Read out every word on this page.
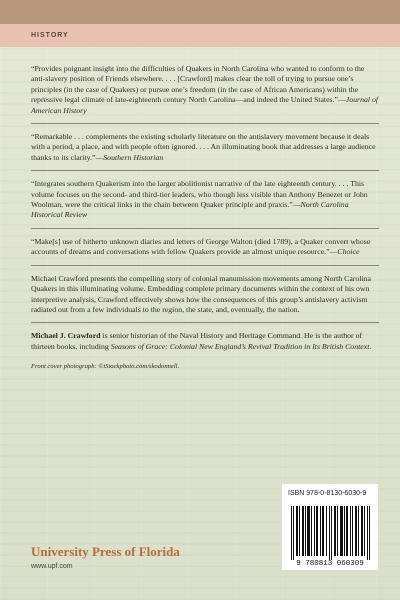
HISTORY

“Provides poignant insight into the difficulties of Quakers in North Carolina who wanted to conform to the anti-slavery position of Friends elsewhere. . . . [Crawford] makes clear the toll of trying to pursue one’s principles (in the case of Quakers) or pursue one’s freedom (in the case of African Americans) within the repressive legal climate of late-eighteenth century North Carolina—and indeed the United States.”—Journal of American History

“Remarkable . . . complements the existing scholarly literature on the antislavery movement because it deals with a period, a place, and with people often ignored. . . . An illuminating book that addresses a large audience thanks to its clarity.”—Southern Historian

“Integrates southern Quakerism into the larger abolitionist narrative of the late eighteenth century. . . . This volume focuses on the second- and third-tier leaders, who though less visible than Anthony Benezet or John Woolman, were the critical links in the chain between Quaker principle and praxis.”—North Carolina Historical Review

“Make[s] use of hitherto unknown diaries and letters of George Walton (died 1789), a Quaker convert whose accounts of dreams and conversations with fellow Quakers provide an almost unique resource.”—Choice

Michael Crawford presents the compelling story of colonial manumission movements among North Carolina Quakers in this illuminating volume. Embedding complete primary documents within the context of his own interpretive analysis, Crawford effectively shows how the consequences of this group’s antislavery activism radiated out from a few individuals to the region, the state, and, eventually, the nation.

Michael J. Crawford is senior historian of the Naval History and Heritage Command. He is the author of thirteen books, including Seasons of Grace: Colonial New England’s Revival Tradition in Its British Context.

Front cover photograph: ©iStockphoto.com/skodonnell.

University Press of Florida
www.upf.com
ISBN 978-0-8130-6030-9
9 780813 060309
